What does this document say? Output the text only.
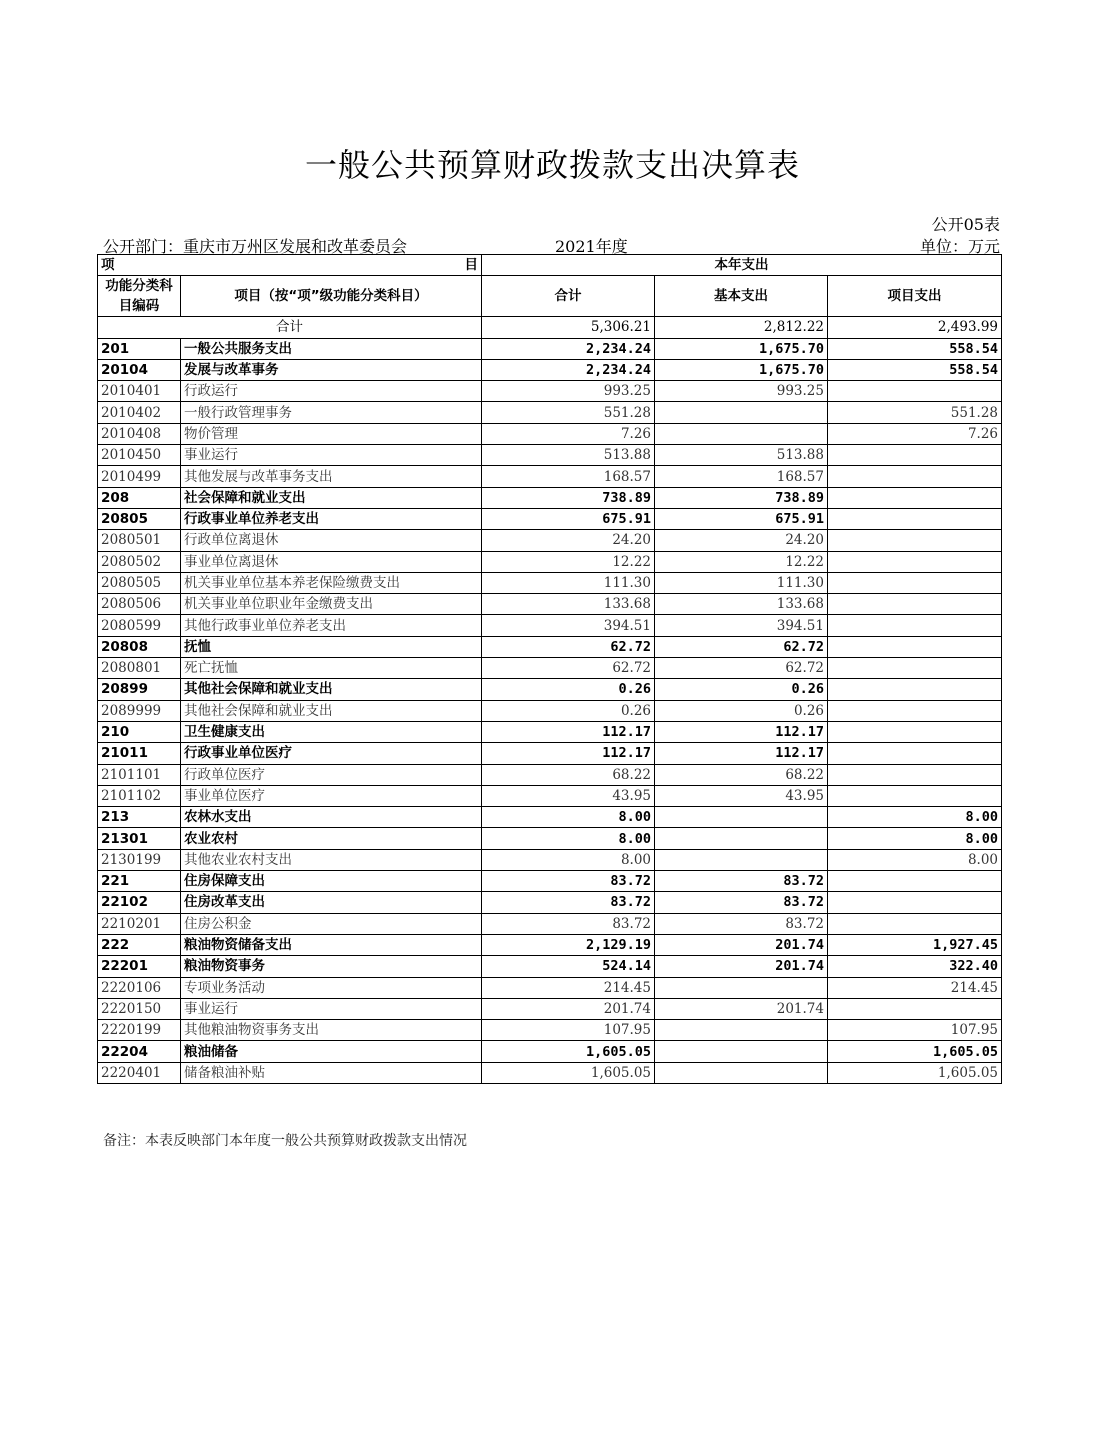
一般公共预算财政拨款支出决算表
公开05表
公开部门：重庆市万州区发展和改革委员会	2021年度	单位：万元
项	目	本年支出		
功能分类科目编码	项目（按“项”级功能分类科目）	合计	基本支出	项目支出
合计		5,306.21	2,812.22	2,493.99
201	一般公共服务支出	2,234.24	1,675.70	558.54
20104	发展与改革事务	2,234.24	1,675.70	558.54
2010401	行政运行	993.25	993.25	
2010402	一般行政管理事务	551.28		551.28
2010408	物价管理	7.26		7.26
2010450	事业运行	513.88	513.88	
2010499	其他发展与改革事务支出	168.57	168.57	
208	社会保障和就业支出	738.89	738.89	
20805	行政事业单位养老支出	675.91	675.91	
2080501	行政单位离退休	24.20	24.20	
2080502	事业单位离退休	12.22	12.22	
2080505	机关事业单位基本养老保险缴费支出	111.30	111.30	
2080506	机关事业单位职业年金缴费支出	133.68	133.68	
2080599	其他行政事业单位养老支出	394.51	394.51	
20808	抚恤	62.72	62.72	
2080801	死亡抚恤	62.72	62.72	
20899	其他社会保障和就业支出	0.26	0.26	
2089999	其他社会保障和就业支出	0.26	0.26	
210	卫生健康支出	112.17	112.17	
21011	行政事业单位医疗	112.17	112.17	
2101101	行政单位医疗	68.22	68.22	
2101102	事业单位医疗	43.95	43.95	
213	农林水支出	8.00		8.00
21301	农业农村	8.00		8.00
2130199	其他农业农村支出	8.00		8.00
221	住房保障支出	83.72	83.72	
22102	住房改革支出	83.72	83.72	
2210201	住房公积金	83.72	83.72	
222	粮油物资储备支出	2,129.19	201.74	1,927.45
22201	粮油物资事务	524.14	201.74	322.40
2220106	专项业务活动	214.45		214.45
2220150	事业运行	201.74	201.74	
2220199	其他粮油物资事务支出	107.95		107.95
22204	粮油储备	1,605.05		1,605.05
2220401	储备粮油补贴	1,605.05		1,605.05
备注：本表反映部门本年度一般公共预算财政拨款支出情况
